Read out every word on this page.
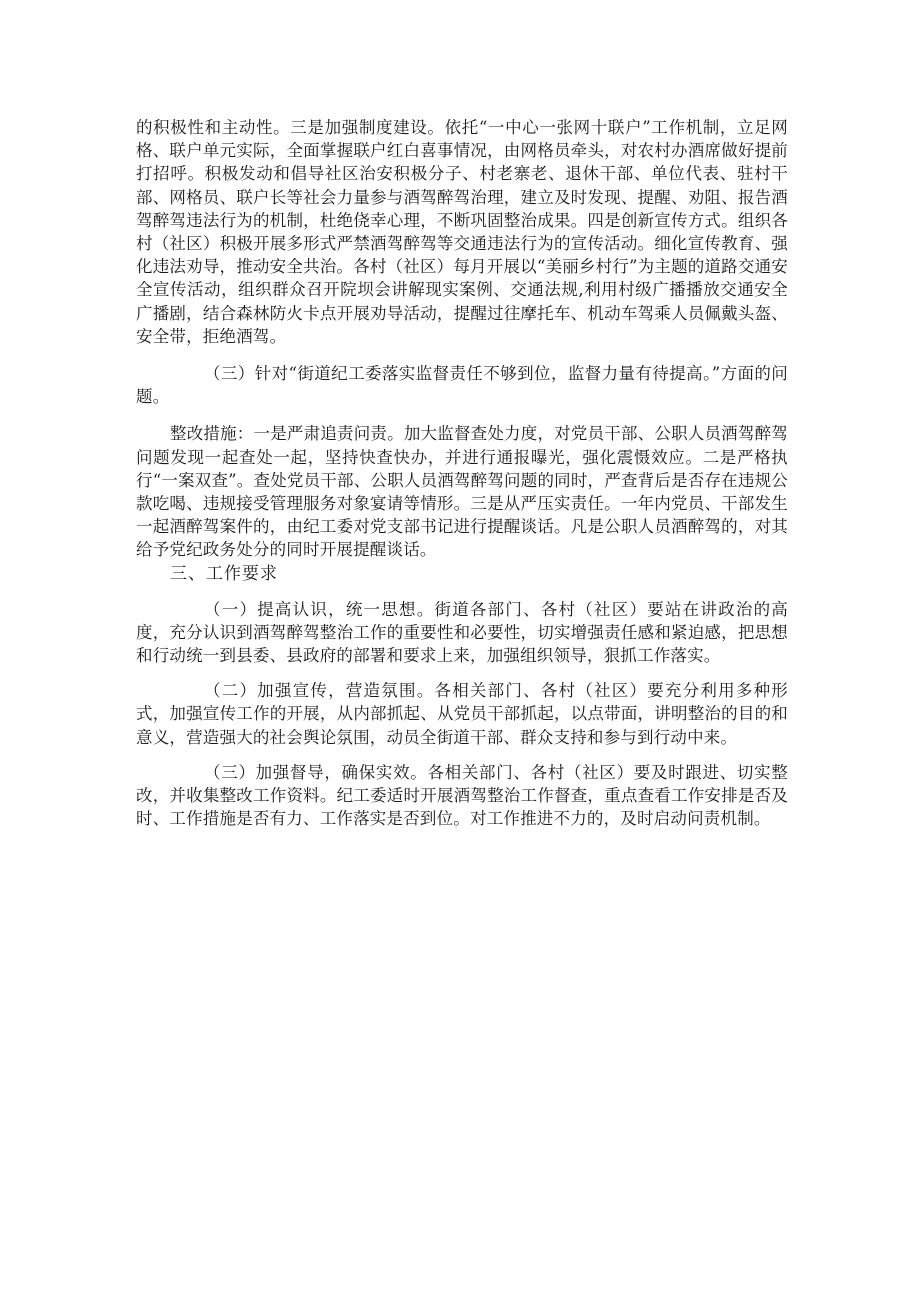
的积极性和主动性。三是加强制度建设。依托“一中心一张网十联户”工作机制，立足网格、联户单元实际，全面掌握联户红白喜事情况，由网格员牵头，对农村办酒席做好提前打招呼。积极发动和倡导社区治安积极分子、村老寨老、退休干部、单位代表、驻村干部、网格员、联户长等社会力量参与酒驾醉驾治理，建立及时发现、提醒、劝阻、报告酒驾醉驾违法行为的机制，杜绝侥幸心理，不断巩固整治成果。四是创新宣传方式。组织各村（社区）积极开展多形式严禁酒驾醉驾等交通违法行为的宣传活动。细化宣传教育、强化违法劝导，推动安全共治。各村（社区）每月开展以“美丽乡村行”为主题的道路交通安全宣传活动，组织群众召开院坝会讲解现实案例、交通法规,利用村级广播播放交通安全广播剧，结合森林防火卡点开展劝导活动，提醒过往摩托车、机动车驾乘人员佩戴头盔、安全带，拒绝酒驾。

（三）针对“街道纪工委落实监督责任不够到位，监督力量有待提高。”方面的问题。

整改措施：一是严肃追责问责。加大监督查处力度，对党员干部、公职人员酒驾醉驾问题发现一起查处一起，坚持快查快办，并进行通报曝光，强化震慑效应。二是严格执行“一案双查”。查处党员干部、公职人员酒驾醉驾问题的同时，严查背后是否存在违规公款吃喝、违规接受管理服务对象宴请等情形。三是从严压实责任。一年内党员、干部发生一起酒醉驾案件的，由纪工委对党支部书记进行提醒谈话。凡是公职人员酒醉驾的，对其给予党纪政务处分的同时开展提醒谈话。

三、工作要求

（一）提高认识，统一思想。街道各部门、各村（社区）要站在讲政治的高度，充分认识到酒驾醉驾整治工作的重要性和必要性，切实增强责任感和紧迫感，把思想和行动统一到县委、县政府的部署和要求上来，加强组织领导，狠抓工作落实。

（二）加强宣传，营造氛围。各相关部门、各村（社区）要充分利用多种形式，加强宣传工作的开展，从内部抓起、从党员干部抓起，以点带面，讲明整治的目的和意义，营造强大的社会舆论氛围，动员全街道干部、群众支持和参与到行动中来。

（三）加强督导，确保实效。各相关部门、各村（社区）要及时跟进、切实整改，并收集整改工作资料。纪工委适时开展酒驾整治工作督查，重点查看工作安排是否及时、工作措施是否有力、工作落实是否到位。对工作推进不力的，及时启动问责机制。
